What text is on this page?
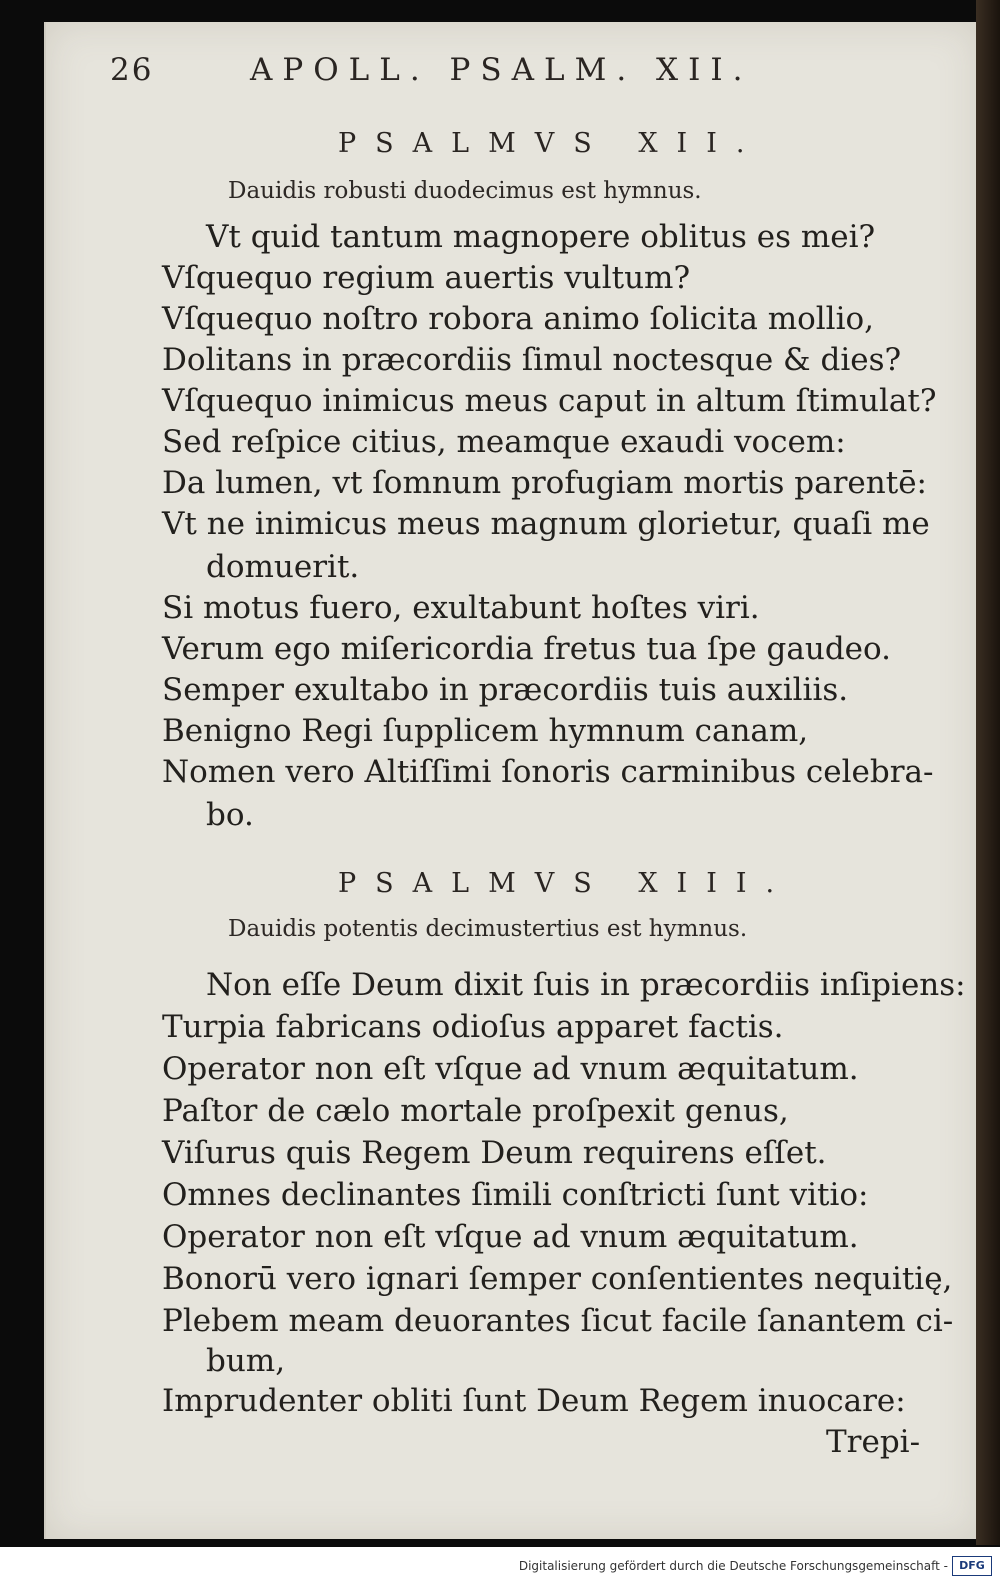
26	APOLL. PSALM. XII.
PSALMVS XII.
Dauidis robusti duodecimus est hymnus.
Vt quid tantum magnopere oblitus es mei?
Vſquequo regium auertis vultum?
Vſquequo noſtro robora animo ſolicita mollio,
Dolitans in præcordiis ſimul noctesque & dies?
Vſquequo inimicus meus caput in altum ſtimulat?
Sed reſpice citius, meamque exaudi vocem:
Da lumen, vt ſomnum profugiam mortis parentē:
Vt ne inimicus meus magnum glorietur, quaſi me
domuerit.
Si motus fuero, exultabunt hoſtes viri.
Verum ego miſericordia fretus tua ſpe gaudeo.
Semper exultabo in præcordiis tuis auxiliis.
Benigno Regi ſupplicem hymnum canam,
Nomen vero Altiſſimi ſonoris carminibus celebra-
bo.
PSALMVS XIII.
Dauidis potentis decimustertius est hymnus.
Non eſſe Deum dixit ſuis in præcordiis inſipiens:
Turpia fabricans odioſus apparet factis.
Operator non eſt vſque ad vnum æquitatum.
Paſtor de cælo mortale proſpexit genus,
Viſurus quis Regem Deum requirens eſſet.
Omnes declinantes ſimili conſtricti ſunt vitio:
Operator non eſt vſque ad vnum æquitatum.
Bonorū vero ignari ſemper conſentientes nequitię,
Plebem meam deuorantes ſicut facile ſanantem ci-
bum,
Imprudenter obliti ſunt Deum Regem inuocare:
Trepi-
Digitalisierung gefördert durch die Deutsche Forschungsgemeinschaft -	DFG
